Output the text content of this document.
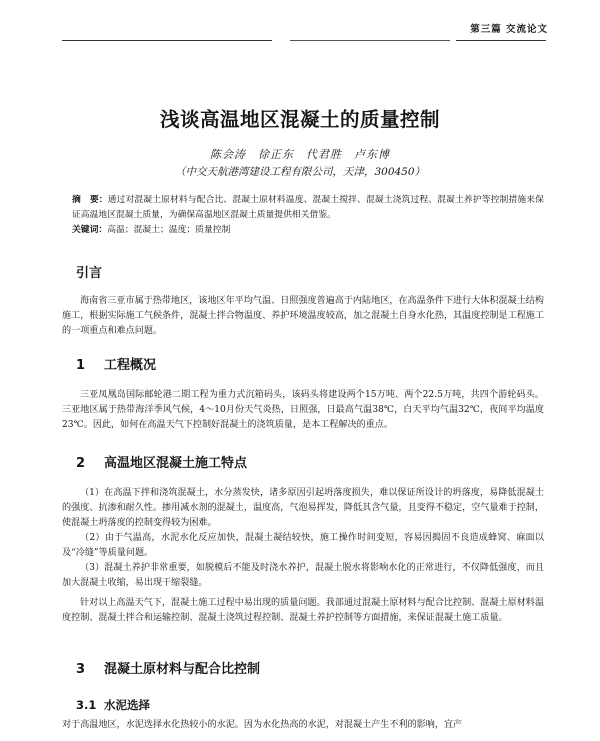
第三篇 交流论文
浅谈高温地区混凝土的质量控制
陈会涛　徐正东　代君胜　卢东博
（中交天航港湾建设工程有限公司，天津，300450）

摘　要：通过对混凝土原材料与配合比、混凝土原材料温度、混凝土搅拌、混凝土浇筑过程、混凝土养护等控制措施来保证高温地区混凝土质量，为确保高温地区混凝土质量提供相关借鉴。

关键词：高温；混凝土；温度；质量控制

引言

海南省三亚市属于热带地区，该地区年平均气温、日照强度普遍高于内陆地区，在高温条件下进行大体积混凝土结构施工，根据实际施工气候条件，混凝土拌合物温度、养护环境温度较高，加之混凝土自身水化热，其温度控制是工程施工的一项重点和难点问题。

1 工程概况

三亚凤凰岛国际邮轮港二期工程为重力式沉箱码头，该码头将建设两个15万吨、两个22.5万吨，共四个游轮码头。三亚地区属于热带海洋季风气候，4～10月份天气炎热，日照强，日最高气温38℃，白天平均气温32℃，夜间平均温度23℃。因此，如何在高温天气下控制好混凝土的浇筑质量，是本工程解决的重点。

2 高温地区混凝土施工特点

（1）在高温下拌和浇筑混凝土，水分蒸发快，诸多原因引起坍落度损失，难以保证所设计的坍落度，易降低混凝土的强度、抗渗和耐久性。掺用减水剂的混凝土，温度高，气泡易挥发，降低其含气量，且变得不稳定，空气量难于控制，使混凝土坍落度的控制变得较为困难。

（2）由于气温高，水泥水化反应加快，混凝土凝结较快，施工操作时间变短，容易因搗固不良造成蜂窝、麻面以及“冷缝”等质量问题。

（3）混凝土养护非常重要，如脱模后不能及时浇水养护，混凝土脱水将影响水化的正常进行，不仅降低强度，而且加大混凝土收缩，易出现干缩裂缝。

针对以上高温天气下，混凝土施工过程中易出现的质量问题。我部通过混凝土原材料与配合比控制、混凝土原材料温度控制、混凝土拌合和运输控制、混凝土浇筑过程控制、混凝土养护控制等方面措施，来保证混凝土施工质量。

3 混凝土原材料与配合比控制
3.1 水泥选择

对于高温地区，水泥选择水化热较小的水泥。因为水化热高的水泥，对混凝土产生不利的影响，宜产
